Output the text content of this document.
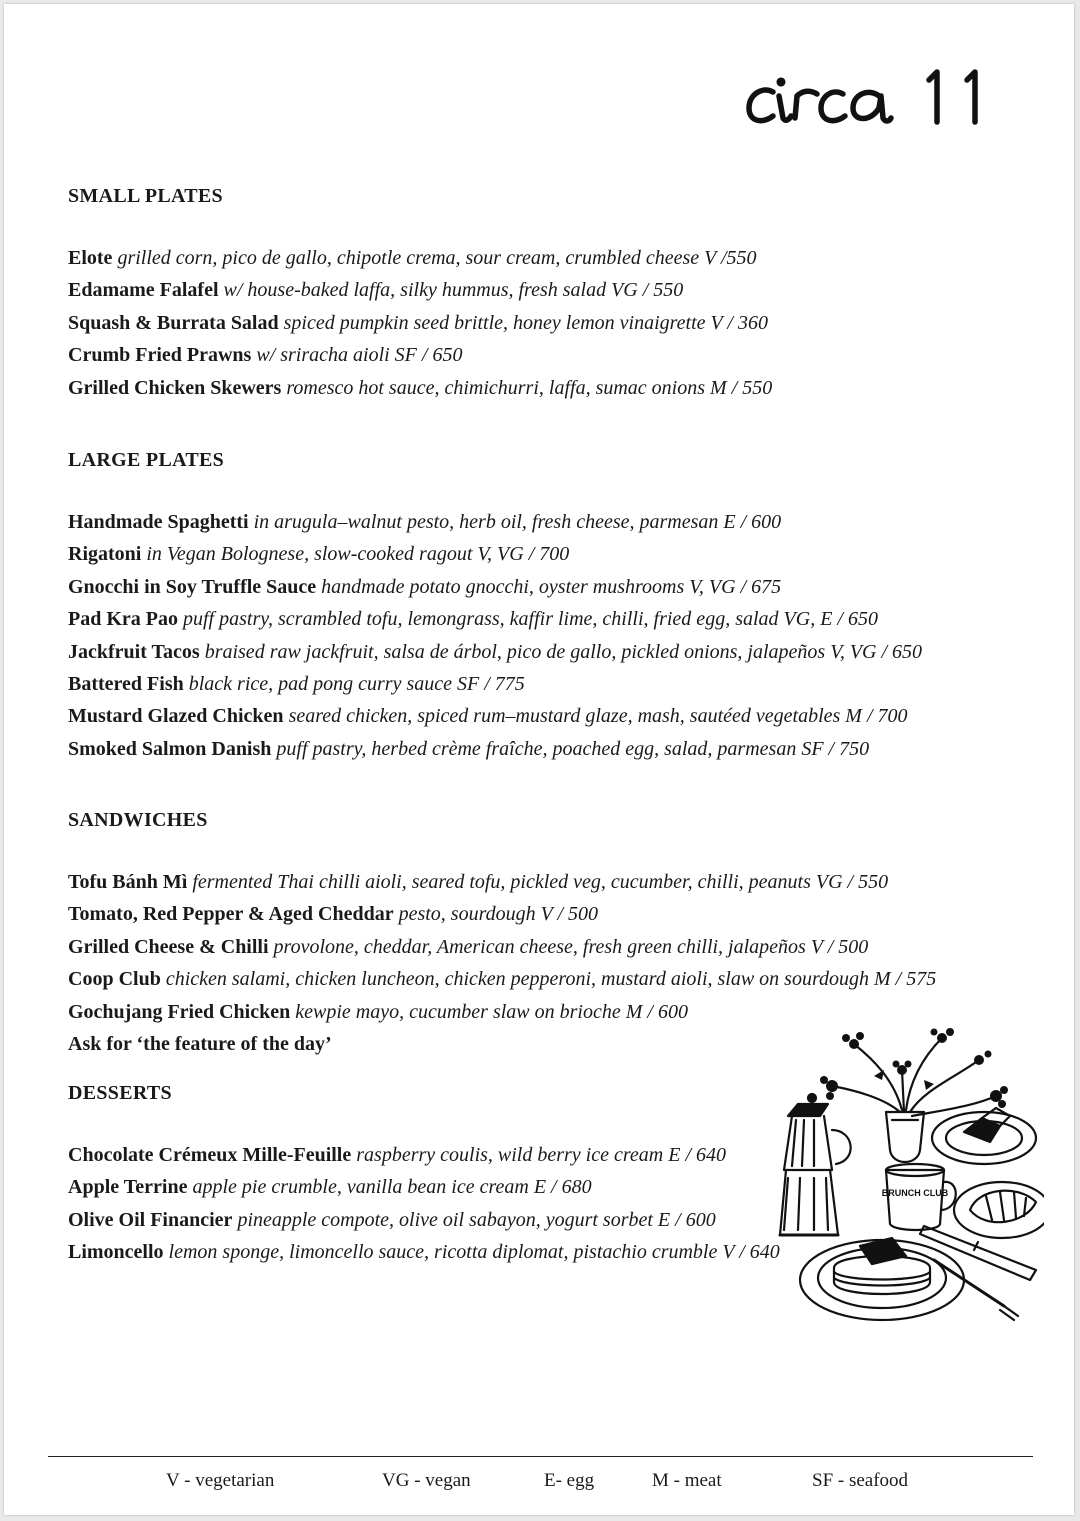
SMALL PLATES
Elote grilled corn, pico de gallo, chipotle crema, sour cream, crumbled cheese V /550
Edamame Falafel w/ house-baked laffa, silky hummus, fresh salad VG / 550
Squash & Burrata Salad spiced pumpkin seed brittle, honey lemon vinaigrette V / 360
Crumb Fried Prawns w/ sriracha aioli SF / 650
Grilled Chicken Skewers romesco hot sauce, chimichurri, laffa, sumac onions M / 550
LARGE PLATES
Handmade Spaghetti in arugula–walnut pesto, herb oil, fresh cheese, parmesan E / 600
Rigatoni in Vegan Bolognese, slow-cooked ragout V, VG / 700
Gnocchi in Soy Truffle Sauce handmade potato gnocchi, oyster mushrooms V, VG / 675
Pad Kra Pao puff pastry, scrambled tofu, lemongrass, kaffir lime, chilli, fried egg, salad VG, E / 650
Jackfruit Tacos braised raw jackfruit, salsa de árbol, pico de gallo, pickled onions, jalapeños V, VG / 650
Battered Fish black rice, pad pong curry sauce SF / 775
Mustard Glazed Chicken seared chicken, spiced rum–mustard glaze, mash, sautéed vegetables M / 700
Smoked Salmon Danish puff pastry, herbed crème fraîche, poached egg, salad, parmesan SF / 750
SANDWICHES
Tofu Bánh Mì fermented Thai chilli aioli, seared tofu, pickled veg, cucumber, chilli, peanuts VG / 550
Tomato, Red Pepper & Aged Cheddar pesto, sourdough V / 500
Grilled Cheese & Chilli provolone, cheddar, American cheese, fresh green chilli, jalapeños V / 500
Coop Club chicken salami, chicken luncheon, chicken pepperoni, mustard aioli, slaw on sourdough M / 575
Gochujang Fried Chicken kewpie mayo, cucumber slaw on brioche M / 600
Ask for ‘the feature of the day’
DESSERTS
Chocolate Crémeux Mille-Feuille raspberry coulis, wild berry ice cream E / 640
Apple Terrine apple pie crumble, vanilla bean ice cream E / 680
Olive Oil Financier pineapple compote, olive oil sabayon, yogurt sorbet E / 600
Limoncello lemon sponge, limoncello sauce, ricotta diplomat, pistachio crumble V / 640
BRUNCH CLUB
V - vegetarian	VG - vegan	E- egg	M - meat	SF - seafood
